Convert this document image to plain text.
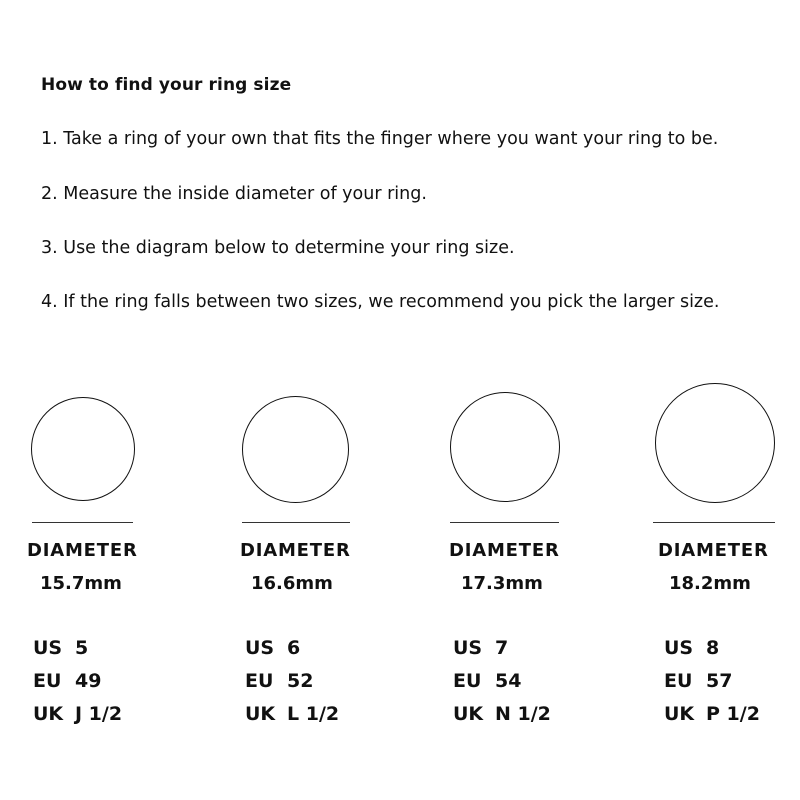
How to find your ring size
1. Take a ring of your own that fits the finger where you want your ring to be.
2. Measure the inside diameter of your ring.
3. Use the diagram below to determine your ring size.
4. If the ring falls between two sizes, we recommend you pick the larger size.
DIAMETER
15.7mm
US 5
EU 49
UK J 1/2
DIAMETER
16.6mm
US 6
EU 52
UK L 1/2
DIAMETER
17.3mm
US 7
EU 54
UK N 1/2
DIAMETER
18.2mm
US 8
EU 57
UK P 1/2
